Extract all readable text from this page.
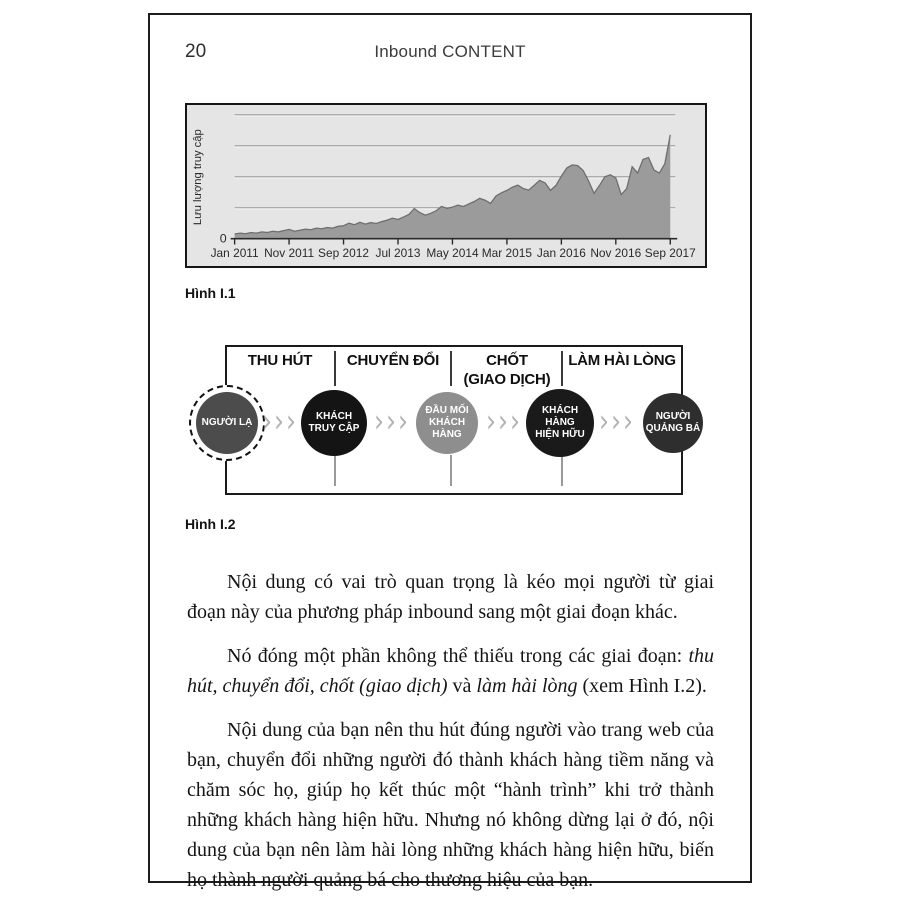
20	Inbound CONTENT
Jan 2011 Nov 2011 Sep 2012 Jul 2013 May 2014 Mar 2015 Jan 2016 Nov 2016 Sep 2017
0
Lưu lượng truy cập
Hình I.1
THU HÚT	CHUYỂN ĐỔI	CHỐT
(GIAO DỊCH)
LÀM HÀI LÒNG
NGƯỜI LẠ

KHÁCH
TRUY CẬP
ĐẦU MỐI
KHÁCH HÀNG
KHÁCH HÀNG
HIỆN HỮU
NGƯỜI
QUẢNG BÁ
›››	›››	›››	›››
Hình I.2

Nội dung có vai trò quan trọng là kéo mọi người từ giai đoạn này của phương pháp inbound sang một giai đoạn khác.

Nó đóng một phần không thể thiếu trong các giai đoạn: thu hút, chuyển đổi, chốt (giao dịch) và làm hài lòng (xem Hình I.2).

Nội dung của bạn nên thu hút đúng người vào trang web của bạn, chuyển đổi những người đó thành khách hàng tiềm năng và chăm sóc họ, giúp họ kết thúc một “hành trình” khi trở thành những khách hàng hiện hữu. Nhưng nó không dừng lại ở đó, nội dung của bạn nên làm hài lòng những khách hàng hiện hữu, biến họ thành người quảng bá cho thương hiệu của bạn.
